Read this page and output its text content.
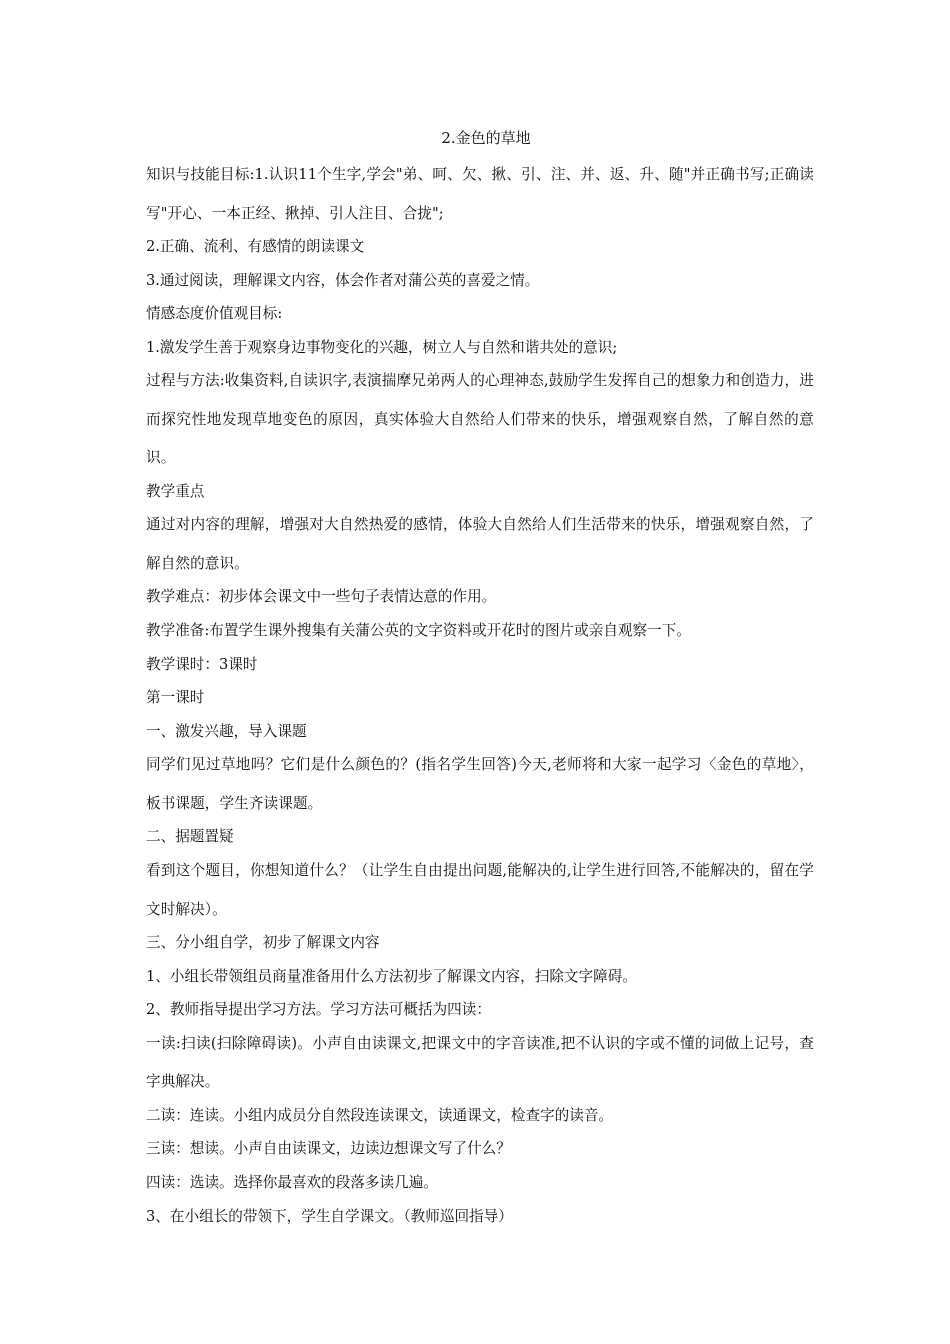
2.金色的草地

知识与技能目标:1.认识11个生字,学会"弟、呵、欠、揪、引、注、并、返、升、随"并正确书写;正确读写"开心、一本正经、揪掉、引人注目、合拢";

2.正确、流利、有感情的朗读课文

3.通过阅读，理解课文内容，体会作者对蒲公英的喜爱之情。

情感态度价值观目标:

1.激发学生善于观察身边事物变化的兴趣，树立人与自然和谐共处的意识;

过程与方法:收集资料,自读识字,表演揣摩兄弟两人的心理神态,鼓励学生发挥自己的想象力和创造力，进而探究性地发现草地变色的原因，真实体验大自然给人们带来的快乐，增强观察自然，了解自然的意识。

教学重点

通过对内容的理解，增强对大自然热爱的感情，体验大自然给人们生活带来的快乐，增强观察自然，了解自然的意识。

教学难点：初步体会课文中一些句子表情达意的作用。

教学准备:布置学生课外搜集有关蒲公英的文字资料或开花时的图片或亲自观察一下。

教学课时：3课时

第一课时

一、激发兴趣，导入课题

同学们见过草地吗？它们是什么颜色的？(指名学生回答)今天,老师将和大家一起学习〈金色的草地〉，板书课题，学生齐读课题。

二、据题置疑

看到这个题目，你想知道什么？（让学生自由提出问题,能解决的,让学生进行回答,不能解决的，留在学文时解决）。

三、分小组自学，初步了解课文内容

1、小组长带领组员商量准备用什么方法初步了解课文内容，扫除文字障碍。

2、教师指导提出学习方法。学习方法可概括为四读：

一读:扫读(扫除障碍读)。小声自由读课文,把课文中的字音读准,把不认识的字或不懂的词做上记号，查字典解决。

二读：连读。小组内成员分自然段连读课文，读通课文，检查字的读音。

三读：想读。小声自由读课文，边读边想课文写了什么？

四读：选读。选择你最喜欢的段落多读几遍。

3、在小组长的带领下，学生自学课文。（教师巡回指导）
